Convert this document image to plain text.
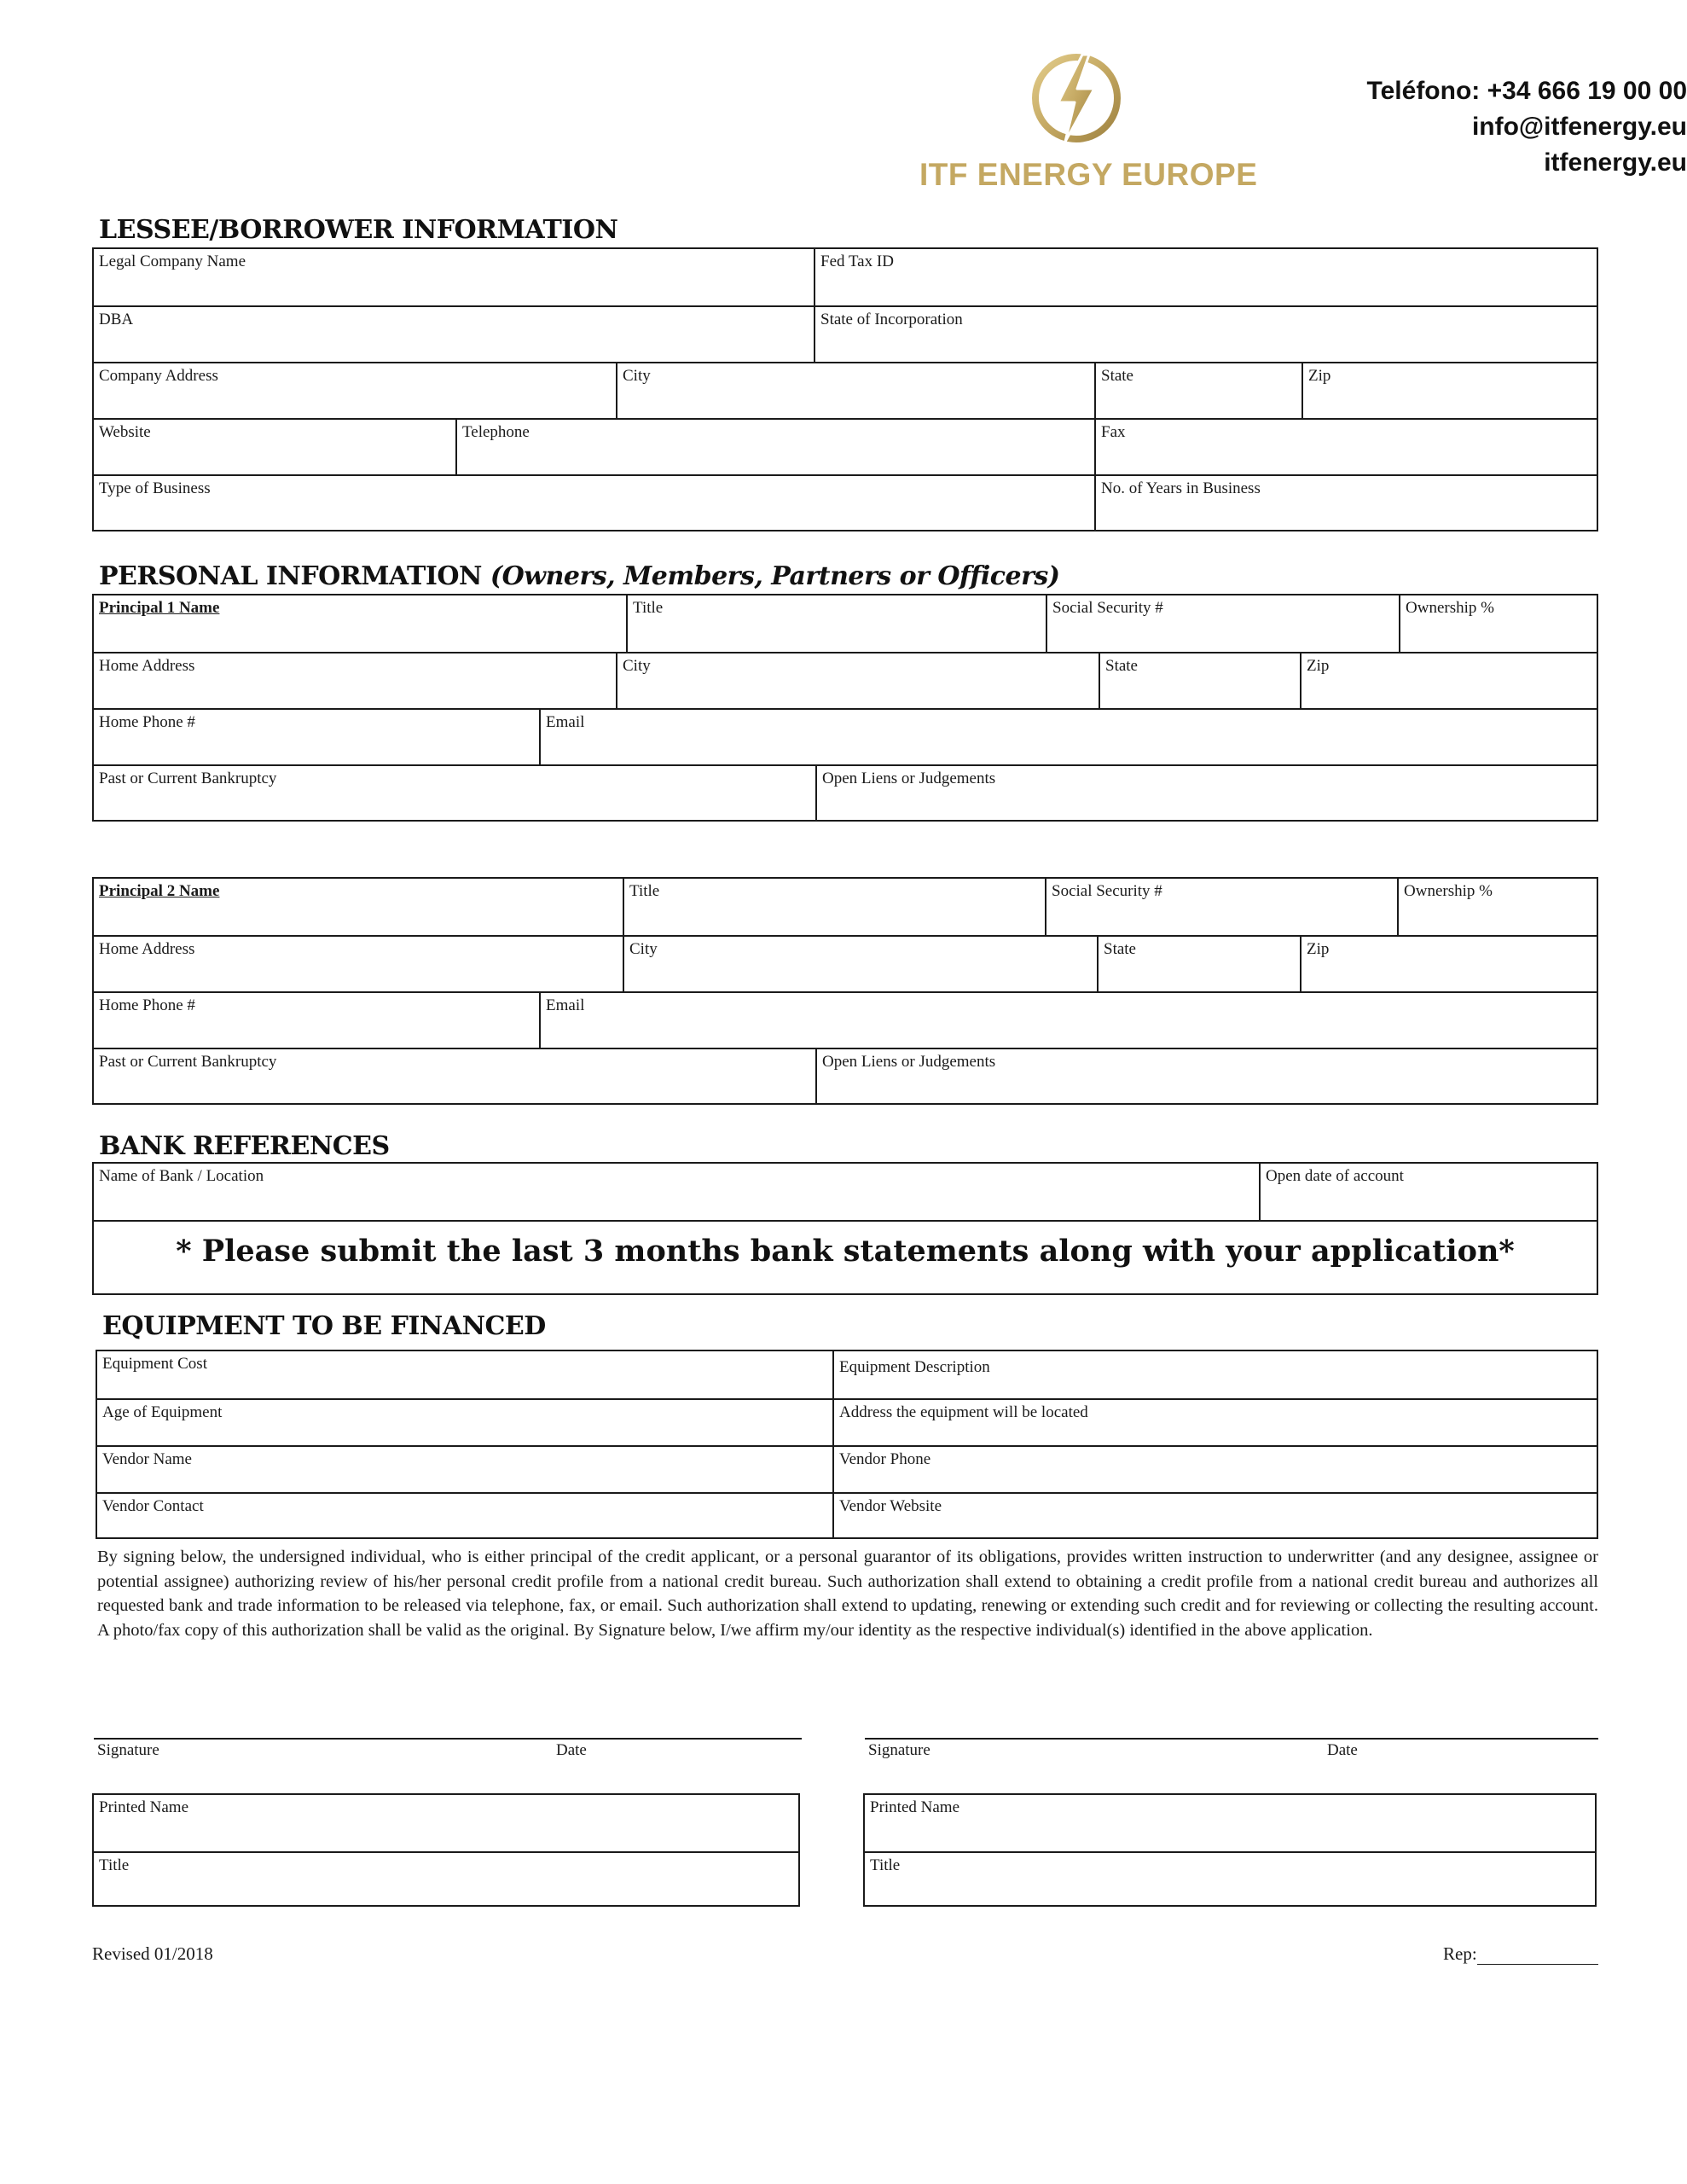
ITF ENERGY EUROPE
Teléfono: +34 666 19 00 00
info@itfenergy.eu
itfenergy.eu
LESSEE/BORROWER INFORMATION
Legal Company Name	Fed Tax ID
DBA	State of Incorporation
Company Address	City	State	Zip
Website	Telephone	Fax
Type of Business	No. of Years in Business
PERSONAL INFORMATION (Owners, Members, Partners or Officers)
Principal 1 Name	Title	Social Security #	Ownership %
Home Address	City	State	Zip
Home Phone #	Email
Past or Current Bankruptcy	Open Liens or Judgements
Principal 2 Name	Title	Social Security #	Ownership %
Home Address	City	State	Zip
Home Phone #	Email
Past or Current Bankruptcy	Open Liens or Judgements
BANK REFERENCES
Name of Bank / Location	Open date of account
* Please submit the last 3 months bank statements along with your application*
EQUIPMENT TO BE FINANCED
Equipment Cost	Equipment Description
Age of Equipment	Address the equipment will be located
Vendor Name	Vendor Phone
Vendor Contact	Vendor Website
By signing below, the undersigned individual, who is either principal of the credit applicant, or a personal guarantor of its obligations, provides written instruction to underwritter (and any designee, assignee or potential assignee) authorizing review of his/her personal credit profile from a national credit bureau. Such authorization shall extend to obtaining a credit profile from a national credit bureau and authorizes all requested bank and trade information to be released via telephone, fax, or email. Such authorization shall extend to updating, renewing or extending such credit and for reviewing or collecting the resulting account. A photo/fax copy of this authorization shall be valid as the original. By Signature below, I/we affirm my/our identity as the respective individual(s) identified in the above application.
Signature	Date
Printed Name
Title
Signature	Date
Printed Name
Title
Revised 01/2018	Rep:
